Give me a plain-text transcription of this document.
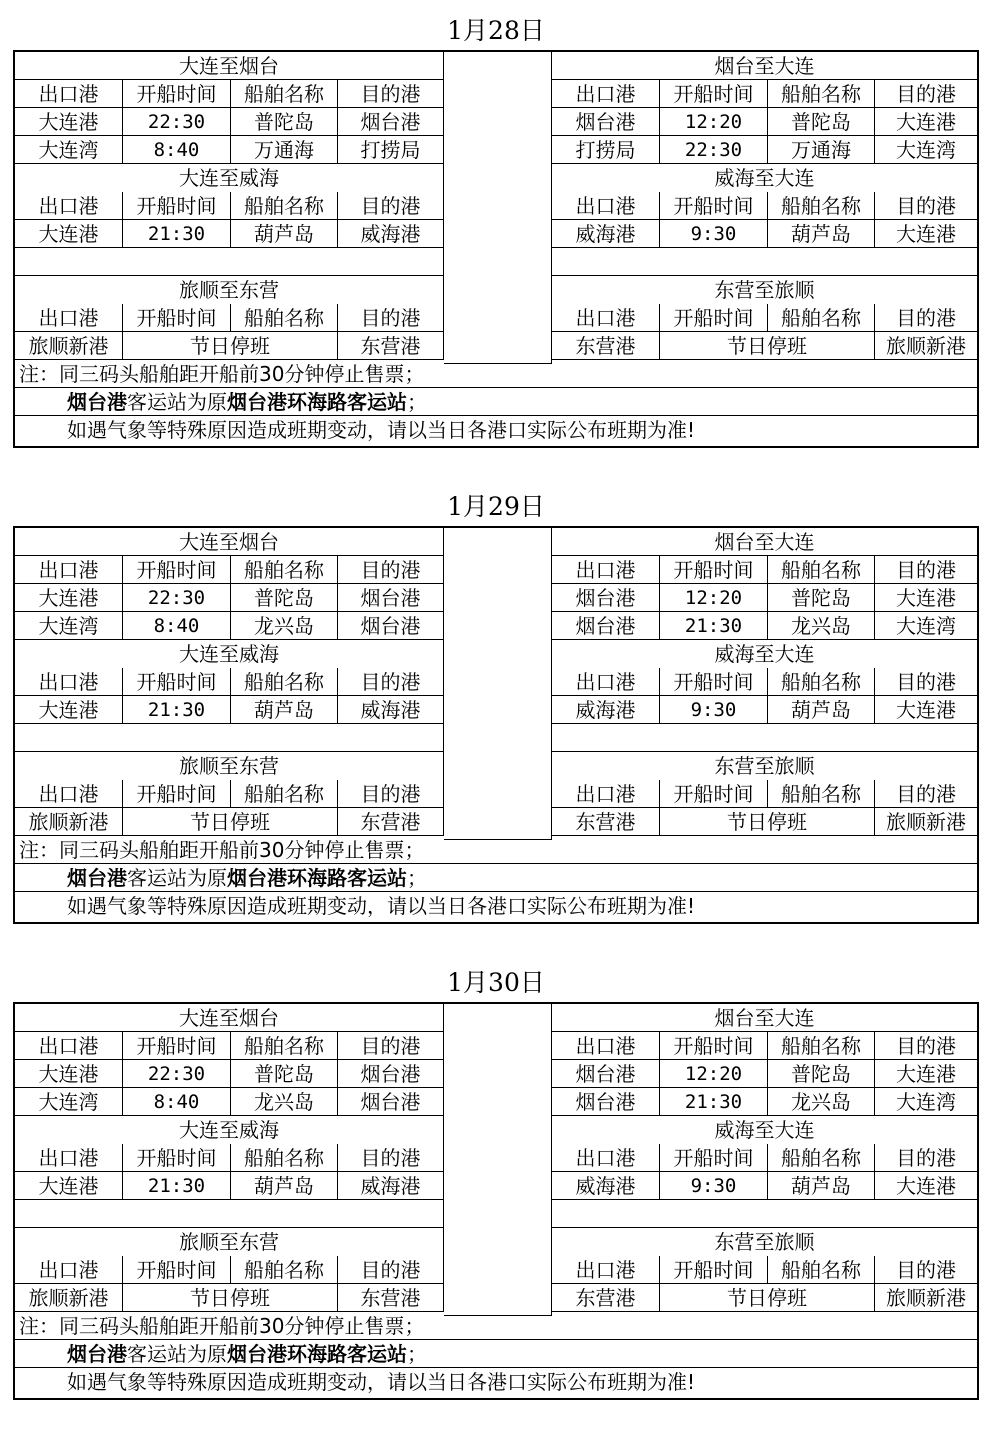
1月28日
大连至烟台	烟台至大连
出口港	开船时间	船舶名称	目的港	出口港	开船时间	船舶名称	目的港
大连港	22:30	普陀岛	烟台港	烟台港	12:20	普陀岛	大连港
大连湾	8:40	万通海	打捞局	打捞局	22:30	万通海	大连湾
大连至威海	威海至大连
出口港	开船时间	船舶名称	目的港	出口港	开船时间	船舶名称	目的港
大连港	21:30	葫芦岛	威海港	威海港	9:30	葫芦岛	大连港
旅顺至东营	东营至旅顺
出口港	开船时间	船舶名称	目的港	出口港	开船时间	船舶名称	目的港
旅顺新港	节日停班	东营港	东营港	节日停班	旅顺新港
注：同三码头船舶距开船前30分钟停止售票；
烟台港客运站为原烟台港环海路客运站；
如遇气象等特殊原因造成班期变动，请以当日各港口实际公布班期为准!
1月29日
大连至烟台	烟台至大连
出口港	开船时间	船舶名称	目的港	出口港	开船时间	船舶名称	目的港
大连港	22:30	普陀岛	烟台港	烟台港	12:20	普陀岛	大连港
大连湾	8:40	龙兴岛	烟台港	烟台港	21:30	龙兴岛	大连湾
大连至威海	威海至大连
出口港	开船时间	船舶名称	目的港	出口港	开船时间	船舶名称	目的港
大连港	21:30	葫芦岛	威海港	威海港	9:30	葫芦岛	大连港
旅顺至东营	东营至旅顺
出口港	开船时间	船舶名称	目的港	出口港	开船时间	船舶名称	目的港
旅顺新港	节日停班	东营港	东营港	节日停班	旅顺新港
注：同三码头船舶距开船前30分钟停止售票；
烟台港客运站为原烟台港环海路客运站；
如遇气象等特殊原因造成班期变动，请以当日各港口实际公布班期为准!
1月30日
大连至烟台	烟台至大连
出口港	开船时间	船舶名称	目的港	出口港	开船时间	船舶名称	目的港
大连港	22:30	普陀岛	烟台港	烟台港	12:20	普陀岛	大连港
大连湾	8:40	龙兴岛	烟台港	烟台港	21:30	龙兴岛	大连湾
大连至威海	威海至大连
出口港	开船时间	船舶名称	目的港	出口港	开船时间	船舶名称	目的港
大连港	21:30	葫芦岛	威海港	威海港	9:30	葫芦岛	大连港
旅顺至东营	东营至旅顺
出口港	开船时间	船舶名称	目的港	出口港	开船时间	船舶名称	目的港
旅顺新港	节日停班	东营港	东营港	节日停班	旅顺新港
注：同三码头船舶距开船前30分钟停止售票；
烟台港客运站为原烟台港环海路客运站；
如遇气象等特殊原因造成班期变动，请以当日各港口实际公布班期为准!
